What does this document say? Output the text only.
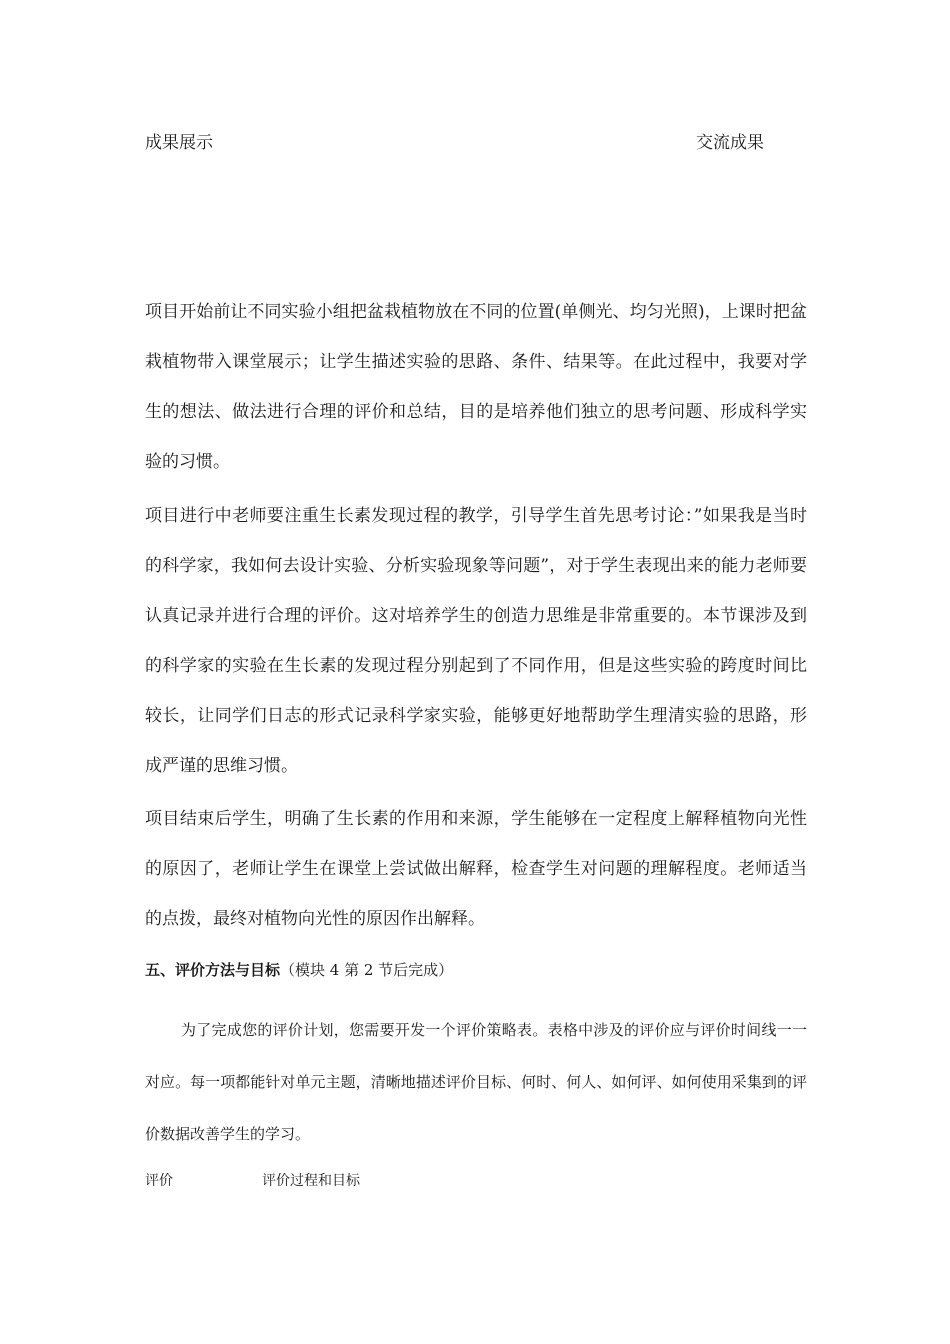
成果展示	交流成果

项目开始前让不同实验小组把盆栽植物放在不同的位置(单侧光、均匀光照)，上课时把盆栽植物带入课堂展示；让学生描述实验的思路、条件、结果等。在此过程中，我要对学生的想法、做法进行合理的评价和总结，目的是培养他们独立的思考问题、形成科学实验的习惯。

项目进行中老师要注重生长素发现过程的教学，引导学生首先思考讨论：”如果我是当时的科学家，我如何去设计实验、分析实验现象等问题”，对于学生表现出来的能力老师要认真记录并进行合理的评价。这对培养学生的创造力思维是非常重要的。本节课涉及到的科学家的实验在生长素的发现过程分别起到了不同作用，但是这些实验的跨度时间比较长，让同学们日志的形式记录科学家实验，能够更好地帮助学生理清实验的思路，形成严谨的思维习惯。

项目结束后学生，明确了生长素的作用和来源，学生能够在一定程度上解释植物向光性的原因了，老师让学生在课堂上尝试做出解释，检查学生对问题的理解程度。老师适当的点拨，最终对植物向光性的原因作出解释。

五、评价方法与目标（模块 4 第 2 节后完成）

为了完成您的评价计划，您需要开发一个评价策略表。表格中涉及的评价应与评价时间线一一对应。每一项都能针对单元主题，清晰地描述评价目标、何时、何人、如何评、如何使用采集到的评价数据改善学生的学习。

评价	评价过程和目标
